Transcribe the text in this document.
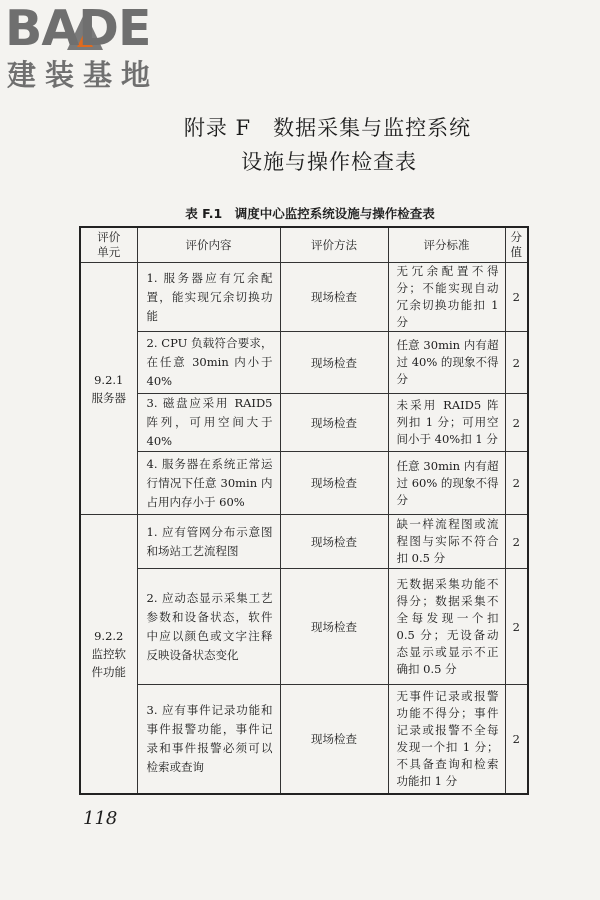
BADE
建装基地
附录 F　数据采集与监控系统
设施与操作检查表
表 F.1　调度中心监控系统设施与操作检查表
评价单元	评价内容	评价方法	评分标准	分值

9.2.1
服务器	1. 服务器应有冗余配置，能实现冗余切换功能	现场检查	无冗余配置不得分；不能实现自动冗余切换功能扣 1 分	2
	2. CPU 负载符合要求，在任意 30min 内小于 40%	现场检查	任意 30min 内有超过 40% 的现象不得分	2
	3. 磁盘应采用 RAID5 阵列，可用空间大于 40%	现场检查	未采用 RAID5 阵列扣 1 分；可用空间小于 40%扣 1 分	2
	4. 服务器在系统正常运行情况下任意 30min 内占用内存小于 60%	现场检查	任意 30min 内有超过 60% 的现象不得分	2

9.2.2
监控软件功能	1. 应有管网分布示意图和场站工艺流程图	现场检查	缺一样流程图或流程图与实际不符合扣 0.5 分	2
	2. 应动态显示采集工艺参数和设备状态，软件中应以颜色或文字注释反映设备状态变化	现场检查	无数据采集功能不得分；数据采集不全每发现一个扣 0.5 分；无设备动态显示或显示不正确扣 0.5 分	2
	3. 应有事件记录功能和事件报警功能，事件记录和事件报警必须可以检索或查询	现场检查	无事件记录或报警功能不得分；事件记录或报警不全每发现一个扣 1 分；不具备查询和检索功能扣 1 分	2
118
